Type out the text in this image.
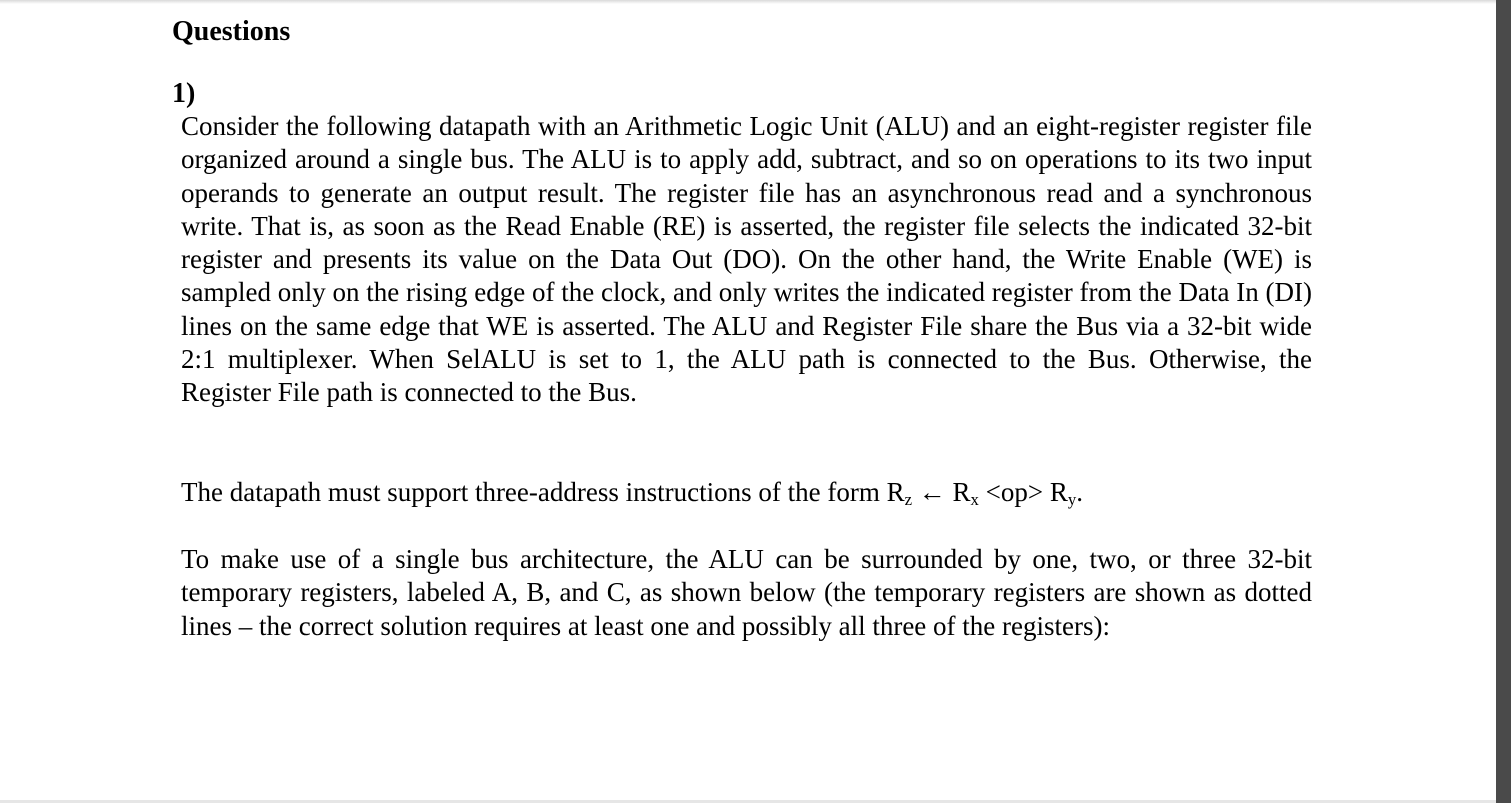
Questions
1)

Consider the following datapath with an Arithmetic Logic Unit (ALU) and an eight-register register file organized around a single bus. The ALU is to apply add, subtract, and so on operations to its two input operands to generate an output result. The register file has an asynchronous read and a synchronous write. That is, as soon as the Read Enable (RE) is asserted, the register file selects the indicated 32-bit register and presents its value on the Data Out (DO). On the other hand, the Write Enable (WE) is sampled only on the rising edge of the clock, and only writes the indicated register from the Data In (DI) lines on the same edge that WE is asserted. The ALU and Register File share the Bus via a 32-bit wide 2:1 multiplexer. When SelALU is set to 1, the ALU path is connected to the Bus. Otherwise, the Register File path is connected to the Bus.

The datapath must support three-address instructions of the form $R_z$ ← $R_x <op> R_y$.

To make use of a single bus architecture, the ALU can be surrounded by one, two, or three 32-bit temporary registers, labeled A, B, and C, as shown below (the temporary registers are shown as dotted lines – the correct solution requires at least one and possibly all three of the registers):
